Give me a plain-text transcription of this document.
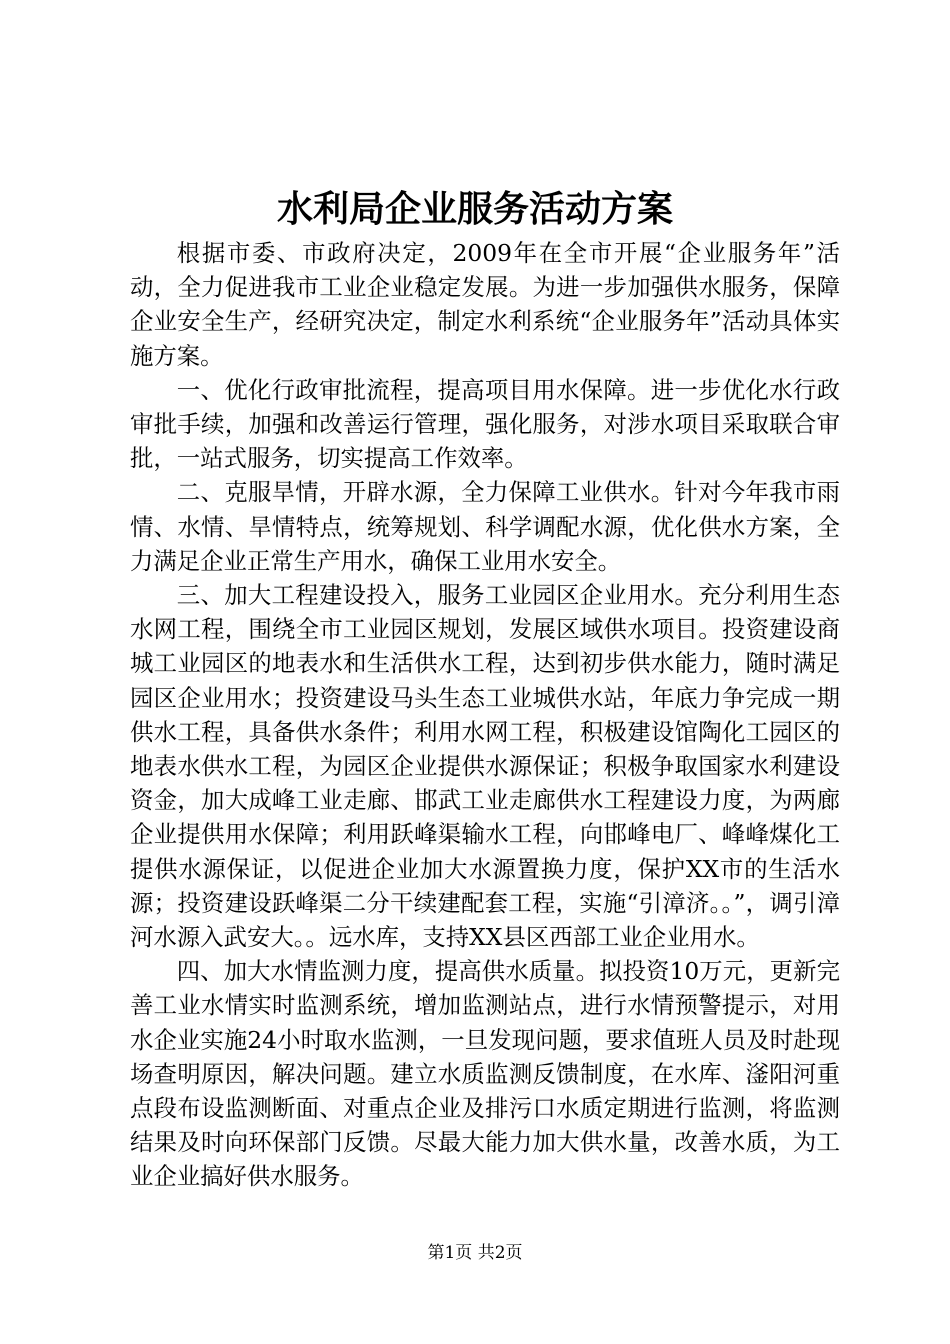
水利局企业服务活动方案

根据市委、市政府决定，2009年在全市开展“企业服务年”活动，全力促进我市工业企业稳定发展。为进一步加强供水服务，保障企业安全生产，经研究决定，制定水利系统“企业服务年”活动具体实施方案。

一、优化行政审批流程，提高项目用水保障。进一步优化水行政审批手续，加强和改善运行管理，强化服务，对涉水项目采取联合审批，一站式服务，切实提高工作效率。

二、克服旱情，开辟水源，全力保障工业供水。针对今年我市雨情、水情、旱情特点，统筹规划、科学调配水源，优化供水方案，全力满足企业正常生产用水，确保工业用水安全。

三、加大工程建设投入，服务工业园区企业用水。充分利用生态水网工程，围绕全市工业园区规划，发展区域供水项目。投资建设商城工业园区的地表水和生活供水工程，达到初步供水能力，随时满足园区企业用水；投资建设马头生态工业城供水站，年底力争完成一期供水工程，具备供水条件；利用水网工程，积极建设馆陶化工园区的地表水供水工程，为园区企业提供水源保证；积极争取国家水利建设资金，加大成峰工业走廊、邯武工业走廊供水工程建设力度，为两廊企业提供用水保障；利用跃峰渠输水工程，向邯峰电厂、峰峰煤化工提供水源保证，以促进企业加大水源置换力度，保护XX市的生活水源；投资建设跃峰渠二分干续建配套工程，实施“引漳济。。”，调引漳河水源入武安大。。远水库，支持XX县区西部工业企业用水。

四、加大水情监测力度，提高供水质量。拟投资10万元，更新完善工业水情实时监测系统，增加监测站点，进行水情预警提示，对用水企业实施24小时取水监测，一旦发现问题，要求值班人员及时赴现场查明原因，解决问题。建立水质监测反馈制度，在水库、滏阳河重点段布设监测断面、对重点企业及排污口水质定期进行监测，将监测结果及时向环保部门反馈。尽最大能力加大供水量，改善水质，为工业企业搞好供水服务。

第1页 共2页
